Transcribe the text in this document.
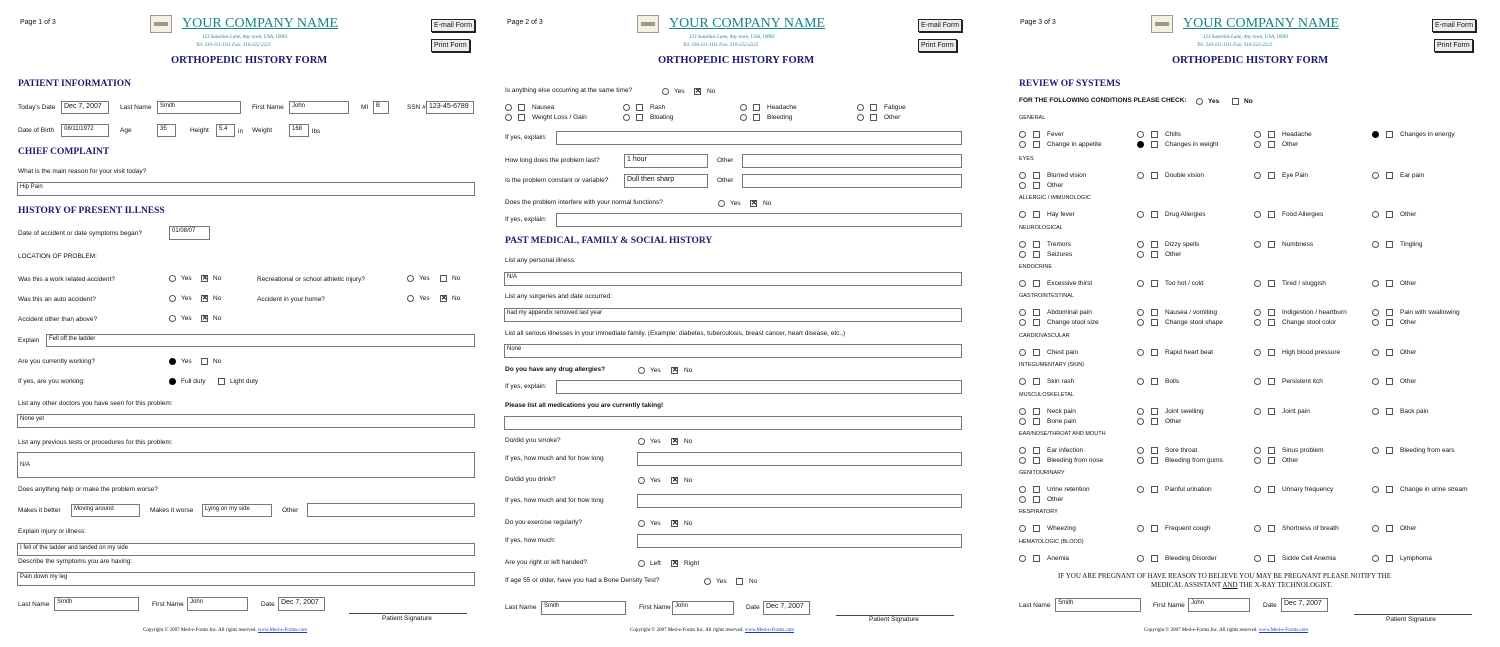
Page 1 of 3	YOUR COMPANY NAME
123 Sunshine Lane, Any town, USA, 10001
Tel. 310-111-1111 Fax: 310-222-2222
E-mail Form
Print Form
ORTHOPEDIC HISTORY FORM
PATIENT INFORMATION
Today's Date	Dec 7, 2007	Last Name	Smith	First Name	John	MI	B	SSN # 123-45-6789
Date of Birth	08/11/1972	Age	35	Height	5.4	in Weight	168	lbs
CHIEF COMPLAINT
What is the main reason for your visit today?
Hip Pain
HISTORY OF PRESENT ILLNESS
Date of accident or date symptoms began?	01/08/07
LOCATION OF PROBLEM:
Was this a work related accident?	Yes ✕ No	Recreational or school athletic injury?	Yes	No
Was this an auto accident?	Yes ✕ No	Accident in your home?	Yes ✕ No
Accident other than above?	Yes ✕ No
Explain	Fell off the ladder
Are you currently working?	Yes	No
If yes, are you working:	Full duty	Light duty
List any other doctors you have seen for this problem:
None yet
List any previous tests or procedures for this problem:
N/A
Does anything help or make the problem worse?
Makes it better	Moving around	Makes it worse	Lying on my side	Other
Explain injury or illness:
I fell of the ladder and landed on my side
Describe the symptoms you are having:
Pain down my leg
Last Name	Smith	First Name	John	Date Dec 7, 2007
Patient Signature
Copyright © 2007 Med-e-Forms Inc. All rights reserved. www.Med-e-Forms.com
Page 2 of 3	YOUR COMPANY NAME
123 Sunshine Lane, Any town, USA, 10001
Tel. 310-111-1111 Fax: 310-222-2222
E-mail Form
Print Form
ORTHOPEDIC HISTORY FORM
Is anything else occurring at the same time?	Yes ✕ No
Nausea	Rash	Headache	Fatigue
Weight Loss / Gain	Bloating	Bleeding	Other
If yes, explain:
How long does the problem last?	1 hour	Other
Is the problem constant or variable?	Dull then sharp	Other
Does the problem interfere with your normal functions?	Yes ✕ No
If yes, explain:
PAST MEDICAL, FAMILY & SOCIAL HISTORY
List any personal illness:
N/A
List any surgeries and date occurred:
had my appendix removed last year
List all serious illnesses in your immediate family. (Example: diabetes, tuberculosis, breast cancer, heart disease, etc.,)
None
Do you have any drug allergies?	Yes ✕ No
If yes, explain:
Please list all medications you are currently taking!
Do/did you smoke?	Yes ✕ No
If yes, how much and for how long
Do/did you drink?	Yes ✕ No
If yes, how much and for how long
Do you exercise regularly?	Yes ✕ No
If yes, how much:
Are you right or left handed?	Left ✕ Right
If age 55 or older, have you had a Bone Density Test?	Yes	No
Last Name	Smith	First Name John	Date Dec 7, 2007
Patient Signature
Copyright © 2007 Med-e-Forms Inc. All rights reserved. www.Med-e-Forms.com
Page 3 of 3	YOUR COMPANY NAME
123 Sunshine Lane, Any town, USA, 10001
Tel. 310-111-1111 Fax: 310-222-2222
E-mail Form
Print Form
ORTHOPEDIC HISTORY FORM
REVIEW OF SYSTEMS
FOR THE FOLLOWING CONDITIONS PLEASE CHECK:	Yes	No
GENERAL
Fever	Chills	Headache	Changes in energy
Change in appetite	Changes in weight	Other
EYES
Blurred vision	Double vision	Eye Pain	Ear pain
Other
ALLERGIC / IMMUNOLOGIC
Hay fever	Drug Allergies	Food Allergies	Other
NEUROLOGICAL
Tremors	Dizzy spells	Numbness	Tingling
Seizures	Other
ENDOCRINE
Excessive thirst	Too hot / cold	Tired / sluggish	Other
GASTROINTESTINAL
Abdominal pain	Nausea / vomiting	Indigestion / heartburn	Pain with swallowing
Change stool size	Change stool shape	Change stool color	Other
CARDIOVASCULAR
Chest pain	Rapid heart beat	High blood pressure	Other
INTEGUMENTARY (SKIN)
Skin rash	Boils	Persistent itch	Other
MUSCULOSKELETAL
Neck pain	Joint swelling	Joint pain	Back pain
Bone pain	Other
EAR/NOSE/THROAT AND MOUTH
Ear infection	Sore throat	Sinus problem	Bleeding from ears
Bleeding from nose	Bleeding from gums	Other
GENITOURINARY
Urine retention	Painful urination	Urinary frequency	Change in urine stream
Other
RESPIRATORY
Wheezing	Frequent cough	Shortness of breath	Other
HEMATOLOGIC (BLOOD)
Anemia	Bleeding Disorder	Sickle Cell Anemia	Lymphoma
IF YOU ARE PREGNANT OF HAVE REASON TO BELIEVE YOU MAY BE PREGNANT PLEASE NOTIFY THE
MEDICAL ASSISTANT AND THE X-RAY TECHNOLOGIST.
Last Name	Smith	First Name	John	Date	Dec 7, 2007
Patient Signature
Copyright © 2007 Med-e-Forms Inc. All rights reserved. www.Med-e-Forms.com
